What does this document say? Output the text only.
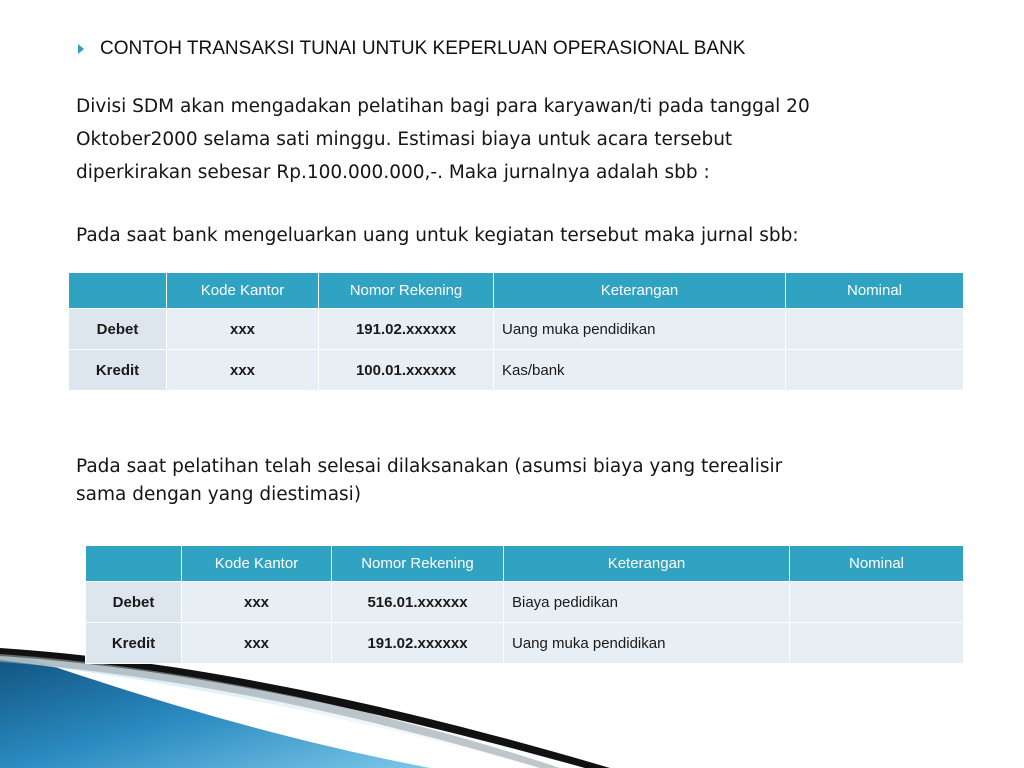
CONTOH TRANSAKSI TUNAI UNTUK KEPERLUAN OPERASIONAL BANK

Divisi SDM akan mengadakan pelatihan bagi para karyawan/ti pada tanggal 20
Oktober2000 selama sati minggu. Estimasi biaya untuk acara tersebut
diperkirakan sebesar Rp.100.000.000,-. Maka jurnalnya adalah sbb :

Pada saat bank mengeluarkan uang untuk kegiatan tersebut maka jurnal sbb:

	Kode Kantor	Nomor Rekening	Keterangan	Nominal
Debet	xxx	191.02.xxxxxx	Uang muka pendidikan	
Kredit	xxx	100.01.xxxxxx	Kas/bank	

Pada saat pelatihan telah selesai dilaksanakan (asumsi biaya yang terealisir
sama dengan yang diestimasi)

	Kode Kantor	Nomor Rekening	Keterangan	Nominal
Debet	xxx	516.01.xxxxxx	Biaya pedidikan	
Kredit	xxx	191.02.xxxxxx	Uang muka pendidikan	
